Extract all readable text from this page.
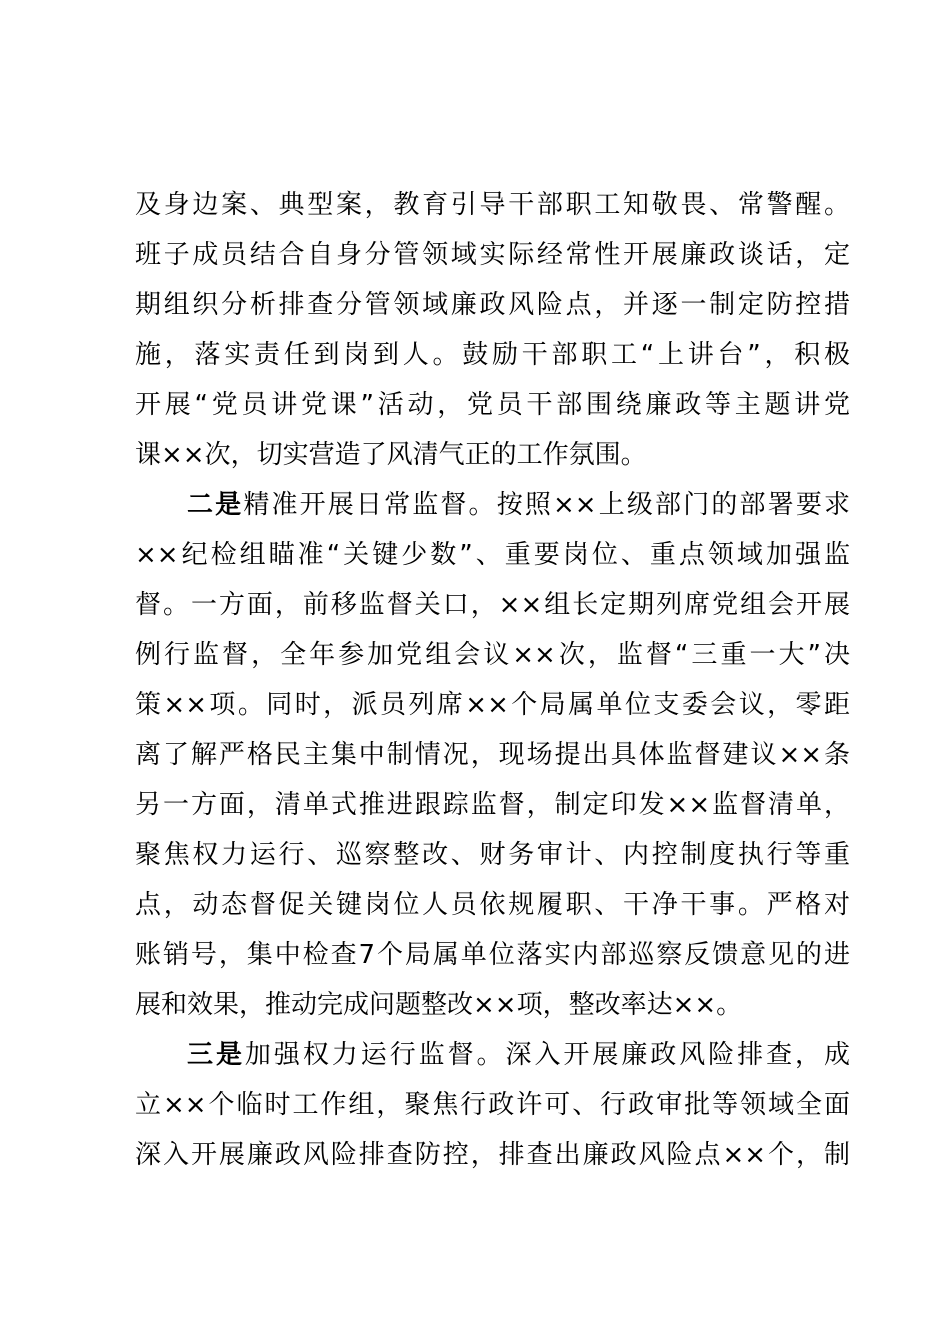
及身边案、典型案，教育引导干部职工知敬畏、常警醒。
班子成员结合自身分管领域实际经常性开展廉政谈话，定
期组织分析排查分管领域廉政风险点，并逐一制定防控措
施，落实责任到岗到人。鼓励干部职工“上讲台”，积极
开展“党员讲党课”活动，党员干部围绕廉政等主题讲党
课××次，切实营造了风清气正的工作氛围。
二是精准开展日常监督。按照××上级部门的部署要求
××纪检组瞄准“关键少数”、重要岗位、重点领域加强监
督。一方面，前移监督关口，××组长定期列席党组会开展
例行监督，全年参加党组会议××次，监督“三重一大”决
策××项。同时，派员列席××个局属单位支委会议，零距
离了解严格民主集中制情况，现场提出具体监督建议××条
另一方面，清单式推进跟踪监督，制定印发××监督清单，
聚焦权力运行、巡察整改、财务审计、内控制度执行等重
点，动态督促关键岗位人员依规履职、干净干事。严格对
账销号，集中检查7个局属单位落实内部巡察反馈意见的进
展和效果，推动完成问题整改××项，整改率达××。
三是加强权力运行监督。深入开展廉政风险排查，成
立××个临时工作组，聚焦行政许可、行政审批等领域全面
深入开展廉政风险排查防控，排查出廉政风险点××个，制
